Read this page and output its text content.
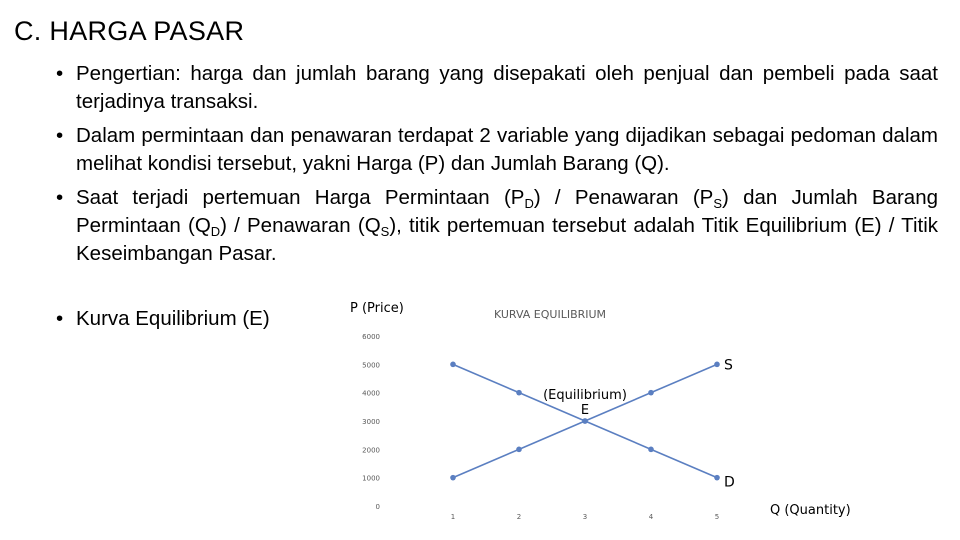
C. HARGA PASAR
• Pengertian: harga dan jumlah barang yang disepakati oleh penjual dan pembeli pada saat terjadinya transaksi.
• Dalam permintaan dan penawaran terdapat 2 variable yang dijadikan sebagai pedoman dalam melihat kondisi tersebut, yakni Harga (P) dan Jumlah Barang (Q).
• Saat terjadi pertemuan Harga Permintaan $(P_D)$ / Penawaran $(P_S)$ dan Jumlah Barang Permintaan $(Q_D)$ / Penawaran $(Q_S)$, titik pertemuan tersebut adalah Titik Equilibrium (E) / Titik Keseimbangan Pasar.
• Kurva Equilibrium (E)	KURVA EQUILIBRIUM
P (Price)
Q (Quantity)
0
1000
2000
3000
4000
5000
6000
1	2	3	4	5
D
S
(Equilibrium)
E
